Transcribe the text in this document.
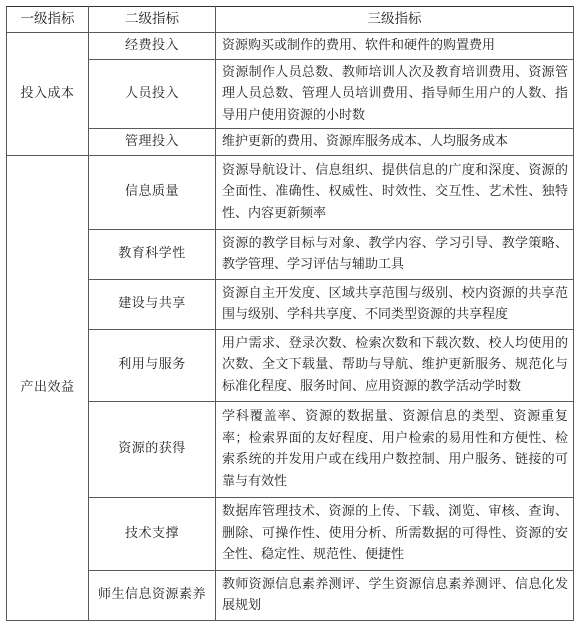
一级指标	二级指标	三级指标
投入成本	经费投入	资源购买或制作的费用、软件和硬件的购置费用
	人员投入	资源制作人员总数、教师培训人次及教育培训费用、资源管理人员总数、管理人员培训费用、指导师生用户的人数、指导用户使用资源的小时数
	管理投入	维护更新的费用、资源库服务成本、人均服务成本
产出效益	信息质量	资源导航设计、信息组织、提供信息的广度和深度、资源的全面性、准确性、权威性、时效性、交互性、艺术性、独特性、内容更新频率
	教育科学性	资源的教学目标与对象、教学内容、学习引导、教学策略、教学管理、学习评估与辅助工具
	建设与共享	资源自主开发度、区域共享范围与级别、校内资源的共享范围与级别、学科共享度、不同类型资源的共享程度
	利用与服务	用户需求、登录次数、检索次数和下载次数、校人均使用的次数、全文下载量、帮助与导航、维护更新服务、规范化与标准化程度、服务时间、应用资源的教学活动学时数
	资源的获得	学科覆盖率、资源的数据量、资源信息的类型、资源重复率；检索界面的友好程度、用户检索的易用性和方便性、检索系统的并发用户或在线用户数控制、用户服务、链接的可靠与有效性
	技术支撑	数据库管理技术、资源的上传、下载、浏览、审核、查询、删除、可操作性、使用分析、所需数据的可得性、资源的安全性、稳定性、规范性、便捷性
	师生信息资源素养	教师资源信息素养测评、学生资源信息素养测评、信息化发展规划
